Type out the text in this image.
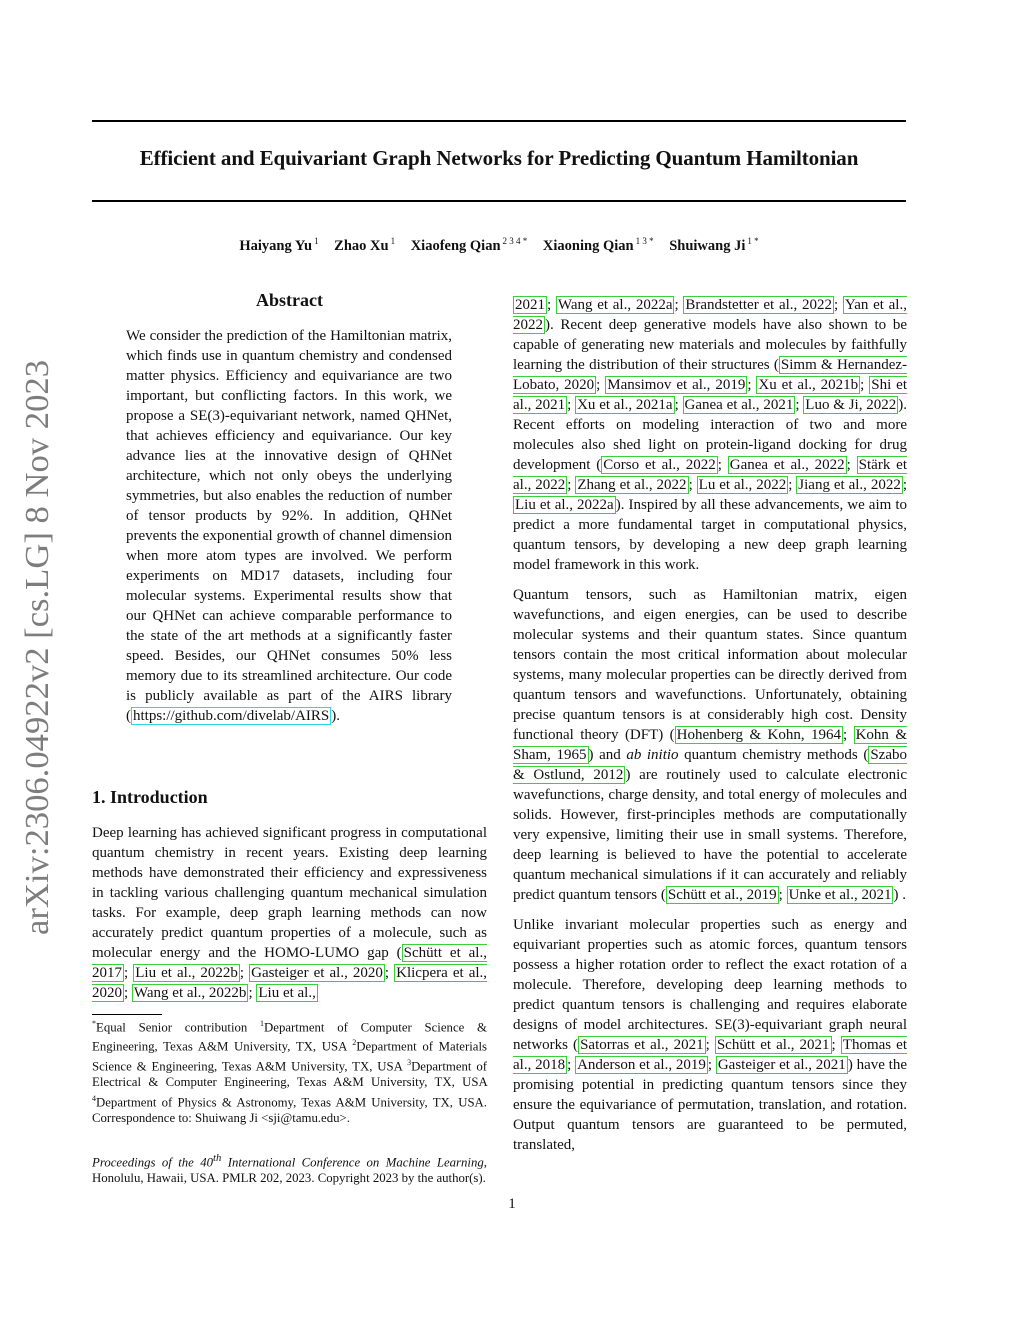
Efficient and Equivariant Graph Networks for Predicting Quantum Hamiltonian
Haiyang Yu $^1$ Zhao Xu $^1$ Xiaofeng Qian $^{2 3 4 *}$ Xiaoning Qian $^{1 3 *}$ Shuiwang Ji $^{1 *}$
arXiv:2306.04922v2 [cs.LG] 8 Nov 2023
Abstract

We consider the prediction of the Hamiltonian matrix, which finds use in quantum chemistry and condensed matter physics. Efficiency and equivariance are two important, but conflicting factors. In this work, we propose a SE(3)-equivariant network, named QHNet, that achieves efficiency and equivariance. Our key advance lies at the innovative design of QHNet architecture, which not only obeys the underlying symmetries, but also enables the reduction of number of tensor products by 92%. In addition, QHNet prevents the exponential growth of channel dimension when more atom types are involved. We perform experiments on MD17 datasets, including four molecular systems. Experimental results show that our QHNet can achieve comparable performance to the state of the art methods at a significantly faster speed. Besides, our QHNet consumes 50% less memory due to its streamlined architecture. Our code is publicly available as part of the AIRS library ( https://github.com/divelab/AIRS ).

1. Introduction

Deep learning has achieved significant progress in computational quantum chemistry in recent years. Existing deep learning methods have demonstrated their efficiency and expressiveness in tackling various challenging quantum mechanical simulation tasks. For example, deep graph learning methods can now accurately predict quantum properties of a molecule, such as molecular energy and the HOMO-LUMO gap ( Schütt et al., 2017 ; Liu et al., 2022b ; Gasteiger et al., 2020 ; Klicpera et al., 2020 ; Wang et al., 2022b ; Liu et al.,

*Equal Senior contribution $^1$Department of Computer Science & Engineering, Texas A&M University, TX, USA $^2$Department of Materials Science & Engineering, Texas A&M University, TX, USA $^3$Department of Electrical & Computer Engineering, Texas A&M University, TX, USA $^4$Department of Physics & Astronomy, Texas A&M University, TX, USA. Correspondence to: Shuiwang Ji <sji@tamu.edu>.

Proceedings of the 40th International Conference on Machine Learning, Honolulu, Hawaii, USA. PMLR 202, 2023. Copyright 2023 by the author(s).

2021 ; Wang et al., 2022a ; Brandstetter et al., 2022 ; Yan et al., 2022 ). Recent deep generative models have also shown to be capable of generating new materials and molecules by faithfully learning the distribution of their structures ( Simm & Hernandez-Lobato, 2020 ; Mansimov et al., 2019 ; Xu et al., 2021b ; Shi et al., 2021 ; Xu et al., 2021a ; Ganea et al., 2021 ; Luo & Ji, 2022 ). Recent efforts on modeling interaction of two and more molecules also shed light on protein-ligand docking for drug development ( Corso et al., 2022 ; Ganea et al., 2022 ; Stärk et al., 2022 ; Zhang et al., 2022 ; Lu et al., 2022 ; Jiang et al., 2022 ; Liu et al., 2022a ). Inspired by all these advancements, we aim to predict a more fundamental target in computational physics, quantum tensors, by developing a new deep graph learning model framework in this work.

Quantum tensors, such as Hamiltonian matrix, eigen wavefunctions, and eigen energies, can be used to describe molecular systems and their quantum states. Since quantum tensors contain the most critical information about molecular systems, many molecular properties can be directly derived from quantum tensors and wavefunctions. Unfortunately, obtaining precise quantum tensors is at considerably high cost. Density functional theory (DFT) ( Hohenberg & Kohn, 1964 ; Kohn & Sham, 1965 ) and ab initio quantum chemistry methods ( Szabo & Ostlund, 2012 ) are routinely used to calculate electronic wavefunctions, charge density, and total energy of molecules and solids. However, first-principles methods are computationally very expensive, limiting their use in small systems. Therefore, deep learning is believed to have the potential to accelerate quantum mechanical simulations if it can accurately and reliably predict quantum tensors ( Schütt et al., 2019 ; Unke et al., 2021 ) .

Unlike invariant molecular properties such as energy and equivariant properties such as atomic forces, quantum tensors possess a higher rotation order to reflect the exact rotation of a molecule. Therefore, developing deep learning methods to predict quantum tensors is challenging and requires elaborate designs of model architectures. SE(3)-equivariant graph neural networks ( Satorras et al., 2021 ; Schütt et al., 2021 ; Thomas et al., 2018 ; Anderson et al., 2019 ; Gasteiger et al., 2021 ) have the promising potential in predicting quantum tensors since they ensure the equivariance of permutation, translation, and rotation. Output quantum tensors are guaranteed to be permuted, translated,

1
